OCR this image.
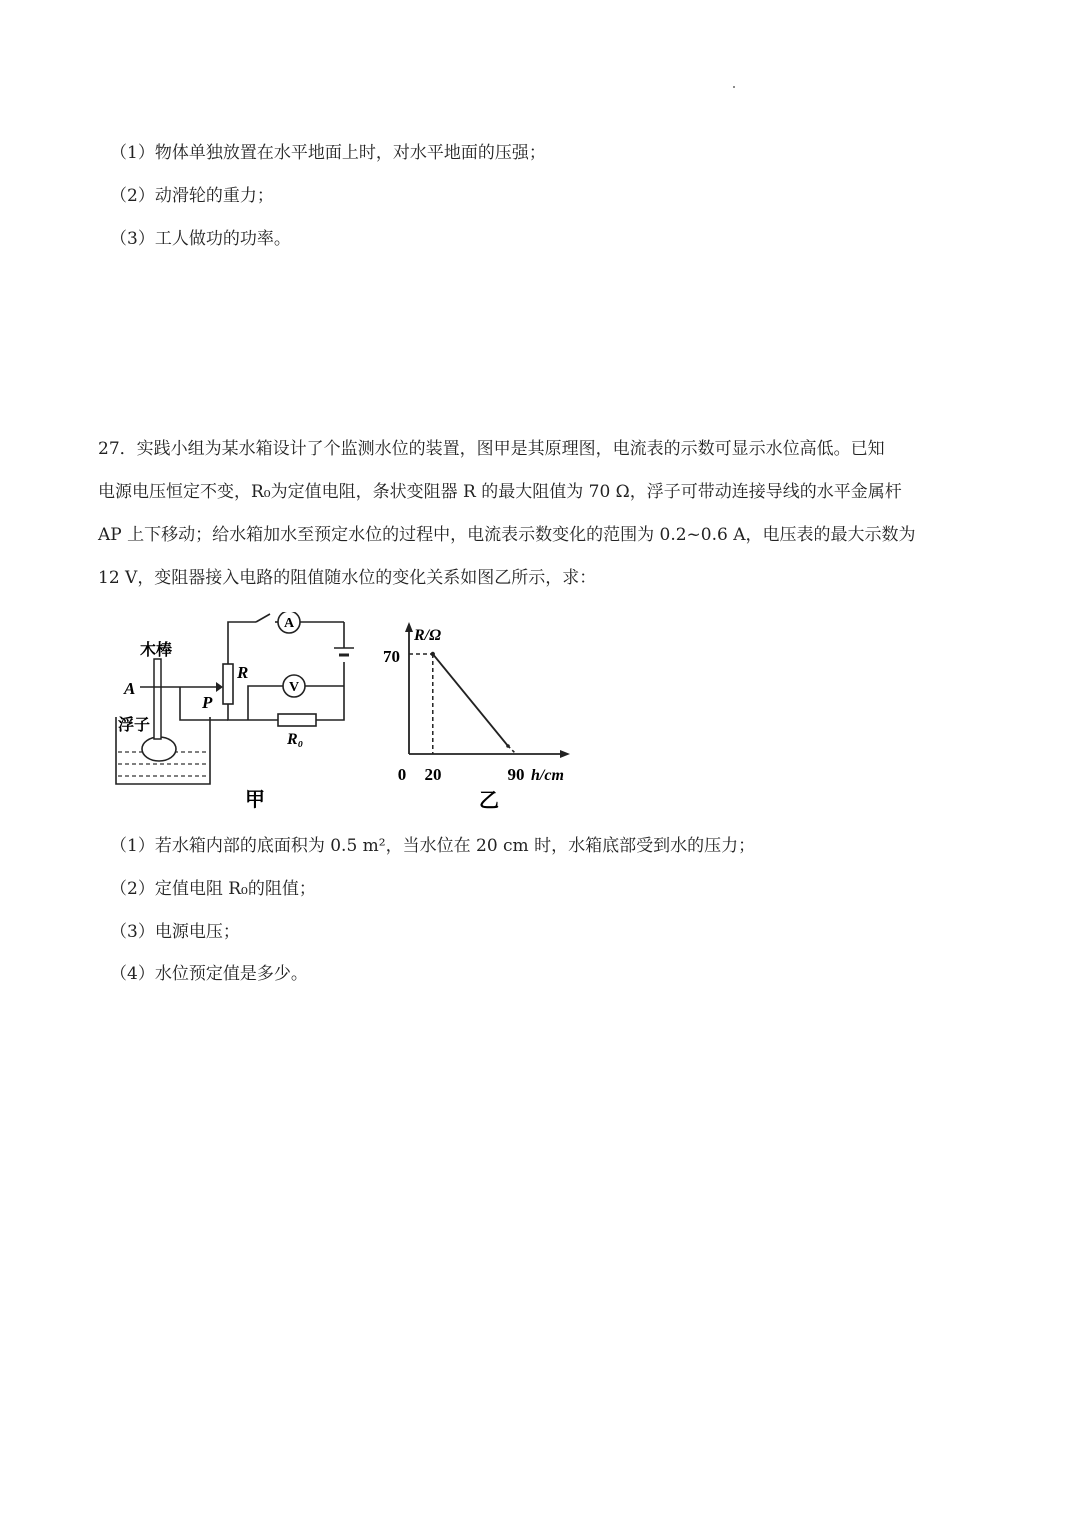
（1）物体单独放置在水平地面上时，对水平地面的压强；
（2）动滑轮的重力；
（3）工人做功的功率。
27．实践小组为某水箱设计了个监测水位的装置，图甲是其原理图，电流表的示数可显示水位高低。已知
电源电压恒定不变，R₀为定值电阻，条状变阻器 R 的最大阻值为 70 Ω，浮子可带动连接导线的水平金属杆
AP 上下移动；给水箱加水至预定水位的过程中，电流表示数变化的范围为 0.2~0.6 A，电压表的最大示数为
12 V，变阻器接入电路的阻值随水位的变化关系如图乙所示，求：
A
V
木棒
A
P
R
R₀
浮子
甲
R/Ω
h/cm
0
70
20	90
乙
（1）若水箱内部的底面积为 0.5 m²，当水位在 20 cm 时，水箱底部受到水的压力；
（2）定值电阻 R₀的阻值；
（3）电源电压；
（4）水位预定值是多少。
